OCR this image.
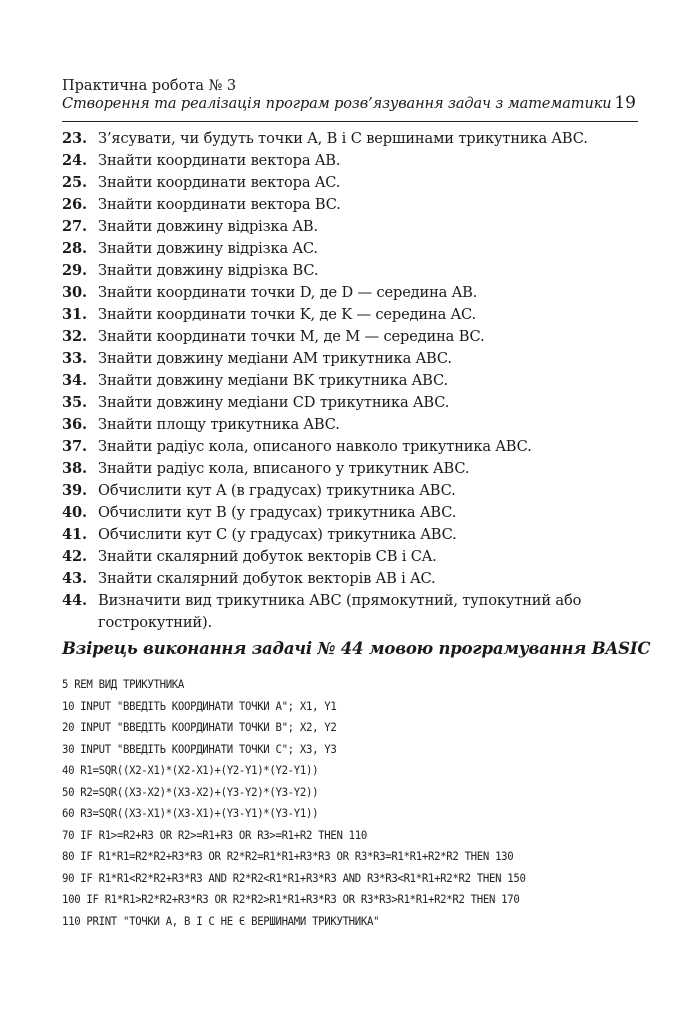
Практична робота № 3
Створення та реалізація програм розв’язування задач з математики 19
23. З’ясувати, чи будуть точки A, B і C вершинами трикутника ABC.
24. Знайти координати вектора AB.
25. Знайти координати вектора AC.
26. Знайти координати вектора BC.
27. Знайти довжину відрізка AB.
28. Знайти довжину відрізка AC.
29. Знайти довжину відрізка BC.
30. Знайти координати точки D, де D — середина AB.
31. Знайти координати точки K, де K — середина AC.
32. Знайти координати точки M, де M — середина BC.
33. Знайти довжину медіани AM трикутника ABC.
34. Знайти довжину медіани BK трикутника ABC.
35. Знайти довжину медіани CD трикутника ABC.
36. Знайти площу трикутника ABC.
37. Знайти радіус кола, описаного навколо трикутника ABC.
38. Знайти радіус кола, вписаного у трикутник ABC.
39. Обчислити кут A (в градусах) трикутника ABC.
40. Обчислити кут B (у градусах) трикутника ABC.
41. Обчислити кут C (у градусах) трикутника ABC.
42. Знайти скалярний добуток векторів CB і CA.
43. Знайти скалярний добуток векторів AB і AC.
44. Визначити вид трикутника ABC (прямокутний, тупокутний або
гострокутний).
Взірець виконання задачі № 44 мовою програмування BASIC
5 REM ВИД ТРИКУТНИКА
10 INPUT "ВВЕДІТЬ КООРДИНАТИ ТОЧКИ A"; X1, Y1
20 INPUT "ВВЕДІТЬ КООРДИНАТИ ТОЧКИ B"; X2, Y2
30 INPUT "ВВЕДІТЬ КООРДИНАТИ ТОЧКИ C"; X3, Y3
40 R1=SQR((X2-X1)*(X2-X1)+(Y2-Y1)*(Y2-Y1))
50 R2=SQR((X3-X2)*(X3-X2)+(Y3-Y2)*(Y3-Y2))
60 R3=SQR((X3-X1)*(X3-X1)+(Y3-Y1)*(Y3-Y1))
70 IF R1>=R2+R3 OR R2>=R1+R3 OR R3>=R1+R2 THEN 110
80 IF R1*R1=R2*R2+R3*R3 OR R2*R2=R1*R1+R3*R3 OR R3*R3=R1*R1+R2*R2 THEN 130
90 IF R1*R1<R2*R2+R3*R3 AND R2*R2<R1*R1+R3*R3 AND R3*R3<R1*R1+R2*R2 THEN 150
100 IF R1*R1>R2*R2+R3*R3 OR R2*R2>R1*R1+R3*R3 OR R3*R3>R1*R1+R2*R2 THEN 170
110 PRINT "ТОЧКИ A, B I C НЕ Є ВЕРШИНАМИ ТРИКУТНИКА"
